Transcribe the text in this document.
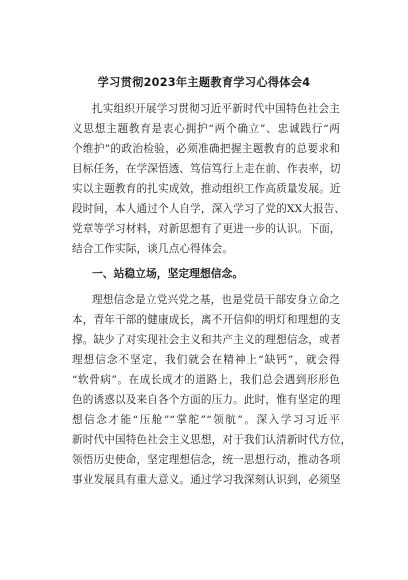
学习贯彻2023年主题教育学习心得体会4
扎实组织开展学习贯彻习近平新时代中国特色社会主
义思想主题教育是衷心拥护“两个确立”、忠诚践行“两
个维护”的政治检验，必须准确把握主题教育的总要求和
目标任务，在学深悟透、笃信笃行上走在前、作表率，切
实以主题教育的扎实成效，推动组织工作高质量发展。近
段时间，本人通过个人自学，深入学习了党的XX大报告、
党章等学习材料，对新思想有了更进一步的认识。下面，
结合工作实际，谈几点心得体会。
一、站稳立场，坚定理想信念。
理想信念是立党兴党之基，也是党员干部安身立命之
本，青年干部的健康成长，离不开信仰的明灯和理想的支
撑。缺少了对实现社会主义和共产主义的理想信念，或者
理想信念不坚定，我们就会在精神上“缺钙”，就会得
“软骨病”。在成长成才的道路上，我们总会遇到形形色
色的诱惑以及来自各个方面的压力。此时，惟有坚定的理
想信念才能“压舱”“掌舵”“领航”。深入学习习近平
新时代中国特色社会主义思想，对于我们认清新时代方位，
领悟历史使命，坚定理想信念，统一思想行动，推动各项
事业发展具有重大意义。通过学习我深刻认识到，必须坚
